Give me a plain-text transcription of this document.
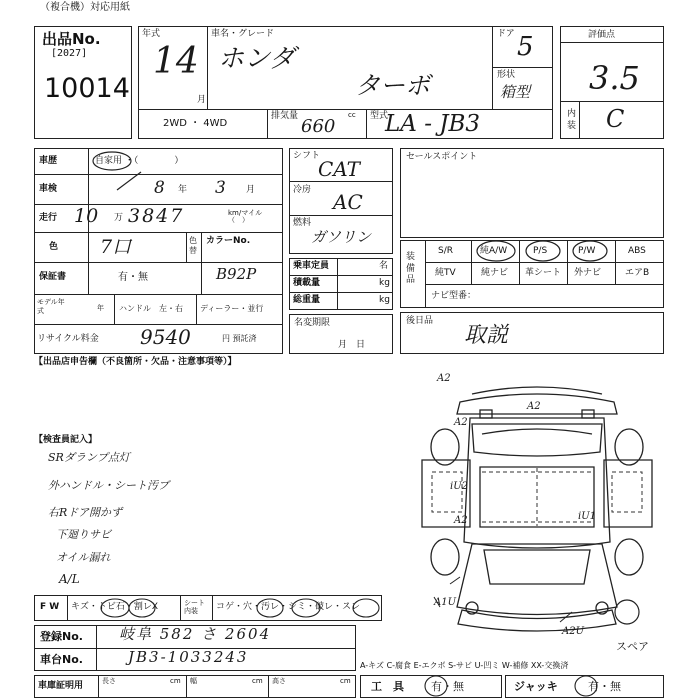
（複合機）対応用紙
出品No.
[2027]
10014
年式
14
月
車名・グレード
ホンダ
ターボ
ドア 5
形状
箱型
2WD ・ 4WD
排気量	cc
660	型式
LA - JB3
評価点
3.5
内装 C
車歴	自家用 ・（　　　　）
車検	8 年 3 月
走行 10 万 3847	km/マイル（　）
色 7口	色替
カラーNo.
保証書	有・無	B92P
モデル年式	年 ハンドル　左・右 ディーラー・並行
リサイクル料金 9540	円 預託済
シフト
CAT
冷房 AC
燃料
ガソリン
乗車定員	名
積載量	kg
総重量	kg
名変期限
月　日
セールスポイント
装備品
S/R	純A/W	P/S	P/W	ABS
純TV	純ナビ 革シート 外ナビ	エアB
ナビ型番：
後日品
取説
【出品店申告欄（不良箇所・欠品・注意事項等）】
【検査員記入】
SRダランプ点灯
外ハンドル・シート汚ブ
右Rドア開かず
下廻りサビ
オイル漏れ
A/L
F W キズ・トビ石・割レX	シート内装	コゲ・穴・汚レ・シミ・破レ・スレ
登録No. 岐阜 582 さ 2604
車台No.	JB3-1033243	A-キズ C-腐食 E-エクボ S-サビ U-凹ミ W-補修 XX-交換済
車庫証明用	長さ	cm 幅	cm 高さ	cm 工　具 有・無	ジャッキ	有・無
A2
A2
A2
iU2
iU1
A1U
A2U
A2
スペア
